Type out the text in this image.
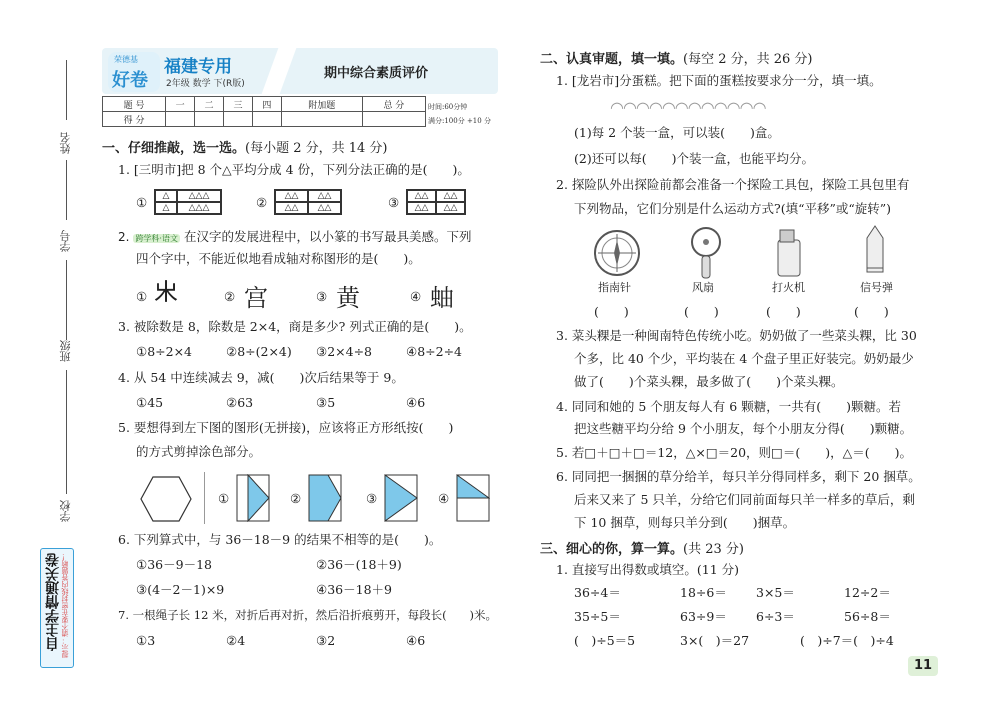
姓名
学号
班级
学校
自主学情通关卷 提示：请不要在密封线内答题哟！
荣德基
好卷
福建专用
2年级 数学 下(R版)
期中综合素质评价
题 号	一	二	三	四	附加题	总 分
得 分						
时间:60分钟
满分:100分 +10 分
一、仔细推敲，选一选。(每小题 2 分，共 14 分)
1. [三明市]把 8 个△平均分成 4 份，下列分法正确的是(　　)。
①	△	△△△
△	△△△	②	△△	△△
△△	△△	③	△△	△△
△△	△△
2. 跨学科·语文 在汉字的发展进程中，以小篆的书写最具美感。下列
四个字中，不能近似地看成轴对称图形的是(　　)。
① 𣎵	② 宫	③ 黄	④ 蚰
3. 被除数是 8，除数是 2×4，商是多少? 列式正确的是(　　)。
①8÷2×4	②8÷(2×4) ③2×4÷8	④8÷2÷4
4. 从 54 中连续减去 9，减(　　)次后结果等于 9。
①45	②63	③5	④6
5. 要想得到左下图的图形(无拼接)，应该将正方形纸按(　　)
的方式剪掉涂色部分。
①	②	③	④
6. 下列算式中，与 36－18－9 的结果不相等的是(　　)。
①36－9－18	②36－(18＋9)
③(4－2－1)×9	④36－18＋9
7. 一根绳子长 12 米，对折后再对折，然后沿折痕剪开，每段长(　　)米。
①3	②4	③2	④6
二、认真审题，填一填。(每空 2 分，共 26 分)
1. [龙岩市]分蛋糕。把下面的蛋糕按要求分一分，填一填。
◠◠◠◠◠◠◠◠◠◠◠◠
(1)每 2 个装一盒，可以装(　　)盒。
(2)还可以每(　　)个装一盒，也能平均分。
2. 探险队外出探险前都会准备一个探险工具包，探险工具包里有
下列物品，它们分别是什么运动方式?(填“平移”或“旋转”)
指南针	风扇	打火机	信号弹
(　　)	(　　)	(　　)	(　　)
3. 菜头粿是一种闽南特色传统小吃。奶奶做了一些菜头粿，比 30
个多，比 40 个少，平均装在 4 个盘子里正好装完。奶奶最少
做了(　　)个菜头粿，最多做了(　　)个菜头粿。
4. 同同和她的 5 个朋友每人有 6 颗糖，一共有(　　)颗糖。若
把这些糖平均分给 9 个小朋友，每个小朋友分得(　　)颗糖。
5. 若□＋□＋□＝12，△×□＝20，则□＝(　　)，△＝(　　)。
6. 同同把一捆捆的草分给羊，每只羊分得同样多，剩下 20 捆草。
后来又来了 5 只羊，分给它们同前面每只羊一样多的草后，剩
下 10 捆草，则每只羊分到(　　)捆草。
三、细心的你，算一算。(共 23 分)
1. 直接写出得数或填空。(11 分)
36÷4＝	18÷6＝ 3×5＝	12÷2＝
35÷5＝	63÷9＝ 6÷3＝	56÷8＝
(　)÷5＝5	3×(　)＝27	(　)÷7＝(　)÷4
11
